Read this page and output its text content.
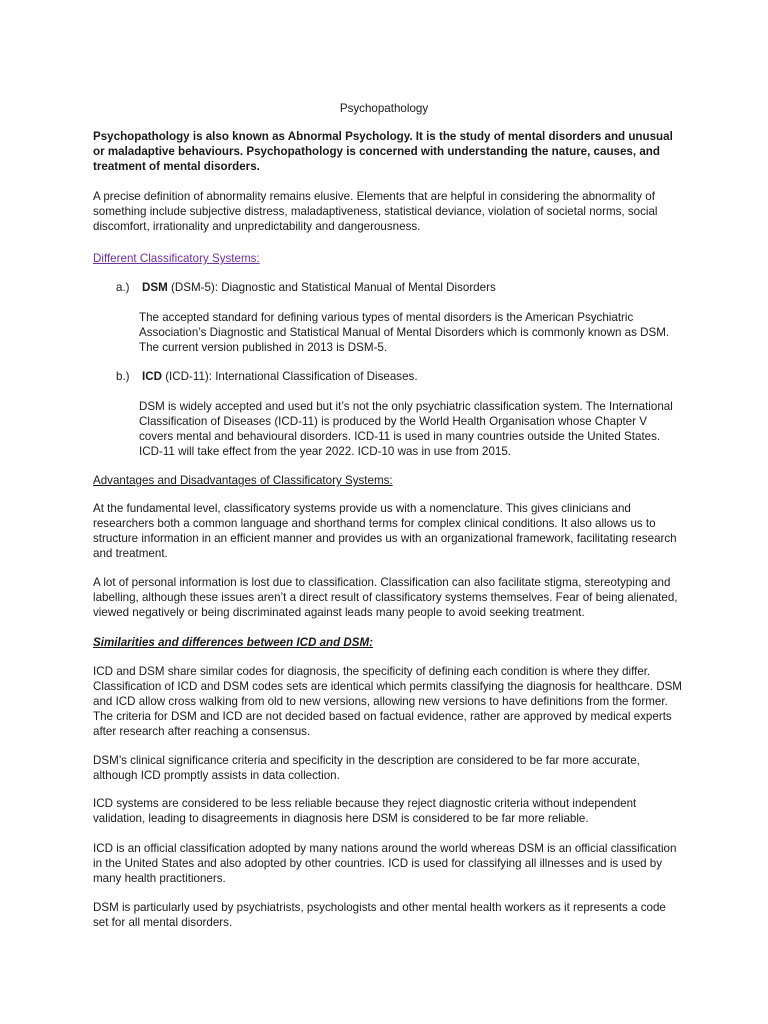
Psychopathology

Psychopathology is also known as Abnormal Psychology. It is the study of mental disorders and unusual or maladaptive behaviours. Psychopathology is concerned with understanding the nature, causes, and treatment of mental disorders.

A precise definition of abnormality remains elusive. Elements that are helpful in considering the abnormality of something include subjective distress, maladaptiveness, statistical deviance, violation of societal norms, social discomfort, irrationality and unpredictability and dangerousness.

Different Classificatory Systems:
a.) DSM (DSM-5): Diagnostic and Statistical Manual of Mental Disorders

The accepted standard for defining various types of mental disorders is the American Psychiatric Association’s Diagnostic and Statistical Manual of Mental Disorders which is commonly known as DSM. The current version published in 2013 is DSM-5.

b.) ICD (ICD-11): International Classification of Diseases.

DSM is widely accepted and used but it’s not the only psychiatric classification system. The International Classification of Diseases (ICD-11) is produced by the World Health Organisation whose Chapter V covers mental and behavioural disorders. ICD-11 is used in many countries outside the United States. ICD-11 will take effect from the year 2022. ICD-10 was in use from 2015.

Advantages and Disadvantages of Classificatory Systems:

At the fundamental level, classificatory systems provide us with a nomenclature. This gives clinicians and researchers both a common language and shorthand terms for complex clinical conditions. It also allows us to structure information in an efficient manner and provides us with an organizational framework, facilitating research and treatment.

A lot of personal information is lost due to classification. Classification can also facilitate stigma, stereotyping and labelling, although these issues aren’t a direct result of classificatory systems themselves. Fear of being alienated, viewed negatively or being discriminated against leads many people to avoid seeking treatment.

Similarities and differences between ICD and DSM:

ICD and DSM share similar codes for diagnosis, the specificity of defining each condition is where they differ. Classification of ICD and DSM codes sets are identical which permits classifying the diagnosis for healthcare. DSM and ICD allow cross walking from old to new versions, allowing new versions to have definitions from the former. The criteria for DSM and ICD are not decided based on factual evidence, rather are approved by medical experts after research after reaching a consensus.

DSM’s clinical significance criteria and specificity in the description are considered to be far more accurate, although ICD promptly assists in data collection.

ICD systems are considered to be less reliable because they reject diagnostic criteria without independent validation, leading to disagreements in diagnosis here DSM is considered to be far more reliable.

ICD is an official classification adopted by many nations around the world whereas DSM is an official classification in the United States and also adopted by other countries. ICD is used for classifying all illnesses and is used by many health practitioners.

DSM is particularly used by psychiatrists, psychologists and other mental health workers as it represents a code set for all mental disorders.
